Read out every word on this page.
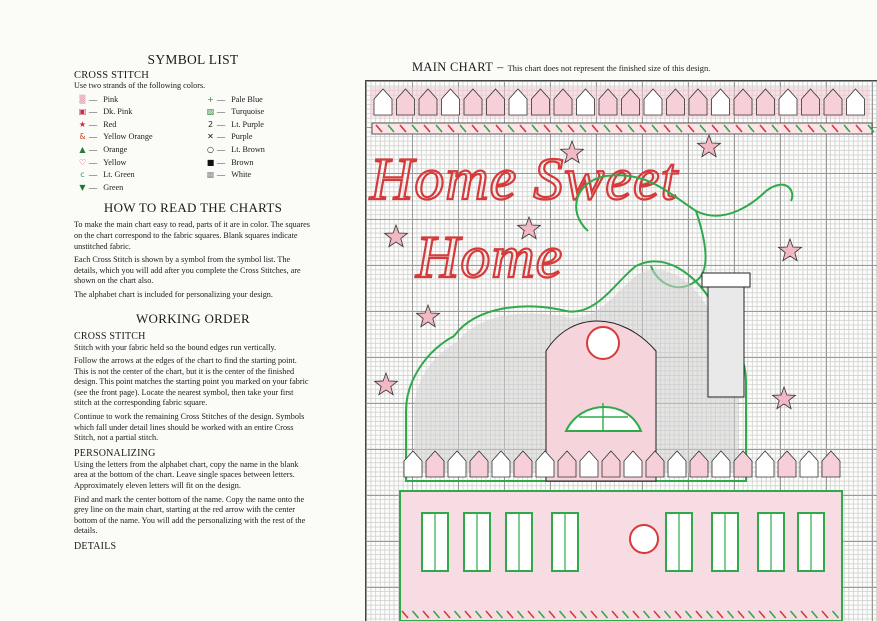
SYMBOL LIST
CROSS STITCH
Use two strands of the following colors.
▒ — Pink	+ — Pale Blue
▣ — Dk. Pink	▨ — Turquoise
★ — Red	2 — Lt. Purple
& — Yellow Orange	✕ — Purple
▲ — Orange	○ — Lt. Brown
♡ — Yellow	■ — Brown
c — Lt. Green	▩ — White
▼ — Green
HOW TO READ THE CHARTS

To make the main chart easy to read, parts of it are in color. The squares on the chart correspond to the fabric squares. Blank squares indicate unstitched fabric.

Each Cross Stitch is shown by a symbol from the symbol list. The details, which you will add after you complete the Cross Stitches, are shown on the chart also.

The alphabet chart is included for personalizing your design.

WORKING ORDER
CROSS STITCH

Stitch with your fabric held so the bound edges run vertically.

Follow the arrows at the edges of the chart to find the starting point. This is not the center of the chart, but it is the center of the finished design. This point matches the starting point you marked on your fabric (see the front page). Locate the nearest symbol, then take your first stitch at the corresponding fabric square.

Continue to work the remaining Cross Stitches of the design. Symbols which fall under detail lines should be worked with an entire Cross Stitch, not a partial stitch.

PERSONALIZING

Using the letters from the alphabet chart, copy the name in the blank area at the bottom of the chart. Leave single spaces between letters. Approximately eleven letters will fit on the design.

Find and mark the center bottom of the name. Copy the name onto the grey line on the main chart, starting at the red arrow with the center bottom of the name. You will add the personalizing with the rest of the details.

DETAILS
MAIN CHART – This chart does not represent the finished size of this design.
Home Sweet
Home
